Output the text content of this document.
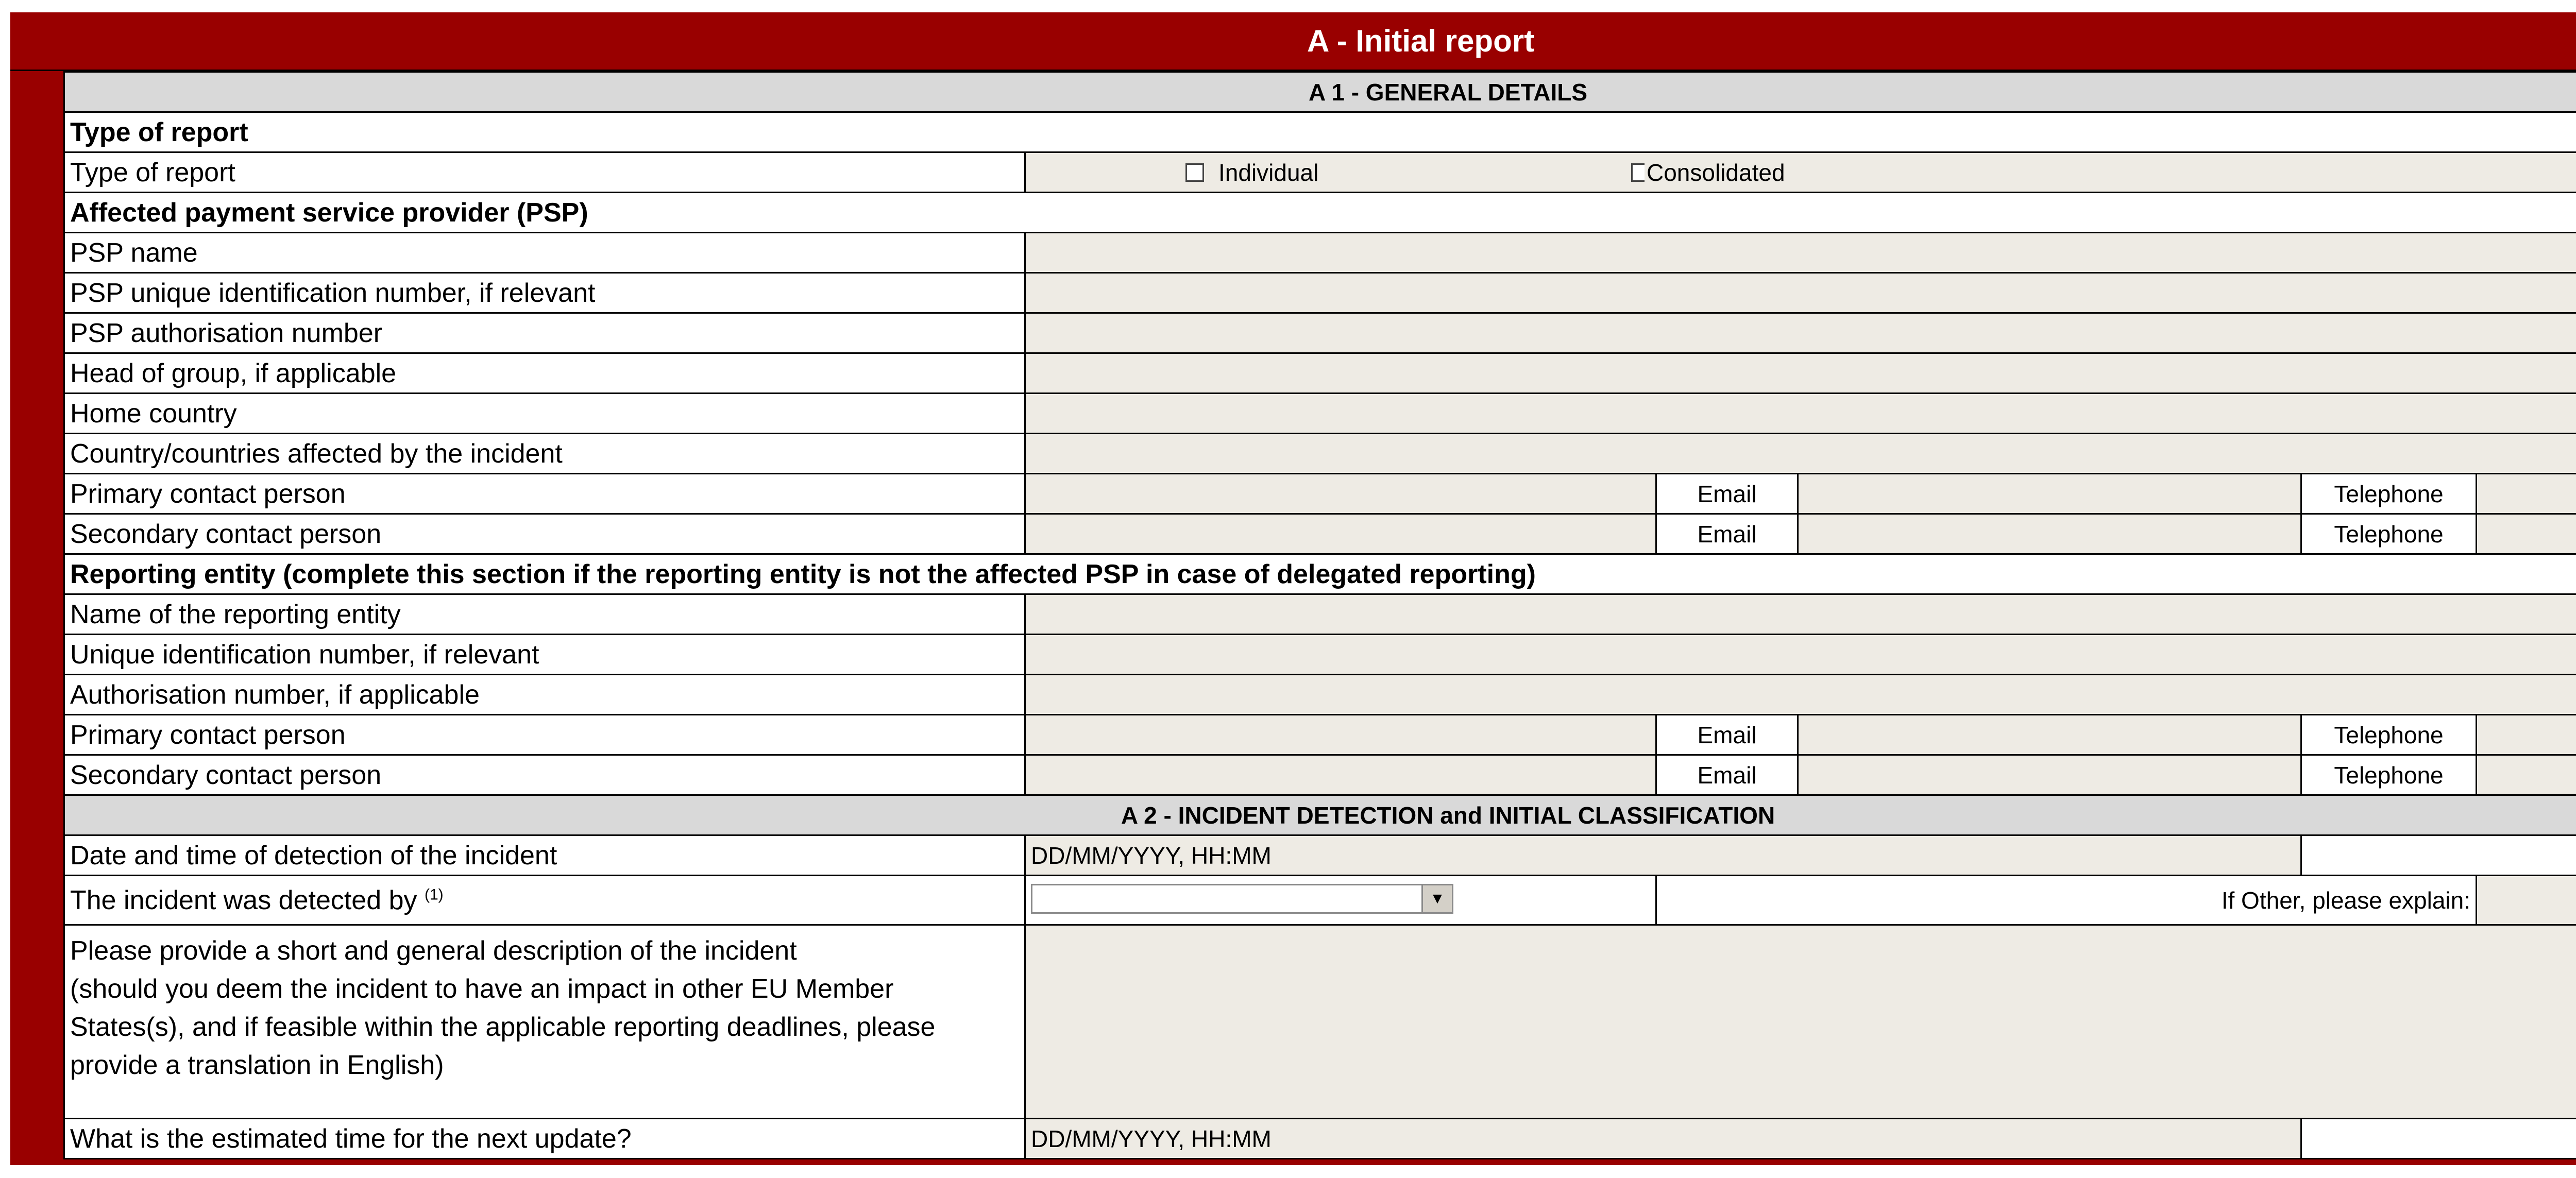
A - Initial report
A 1 - GENERAL DETAILS					
Type of report					
Type of report	Individual Consolidated				

Affected payment service provider (PSP)					
PSP name					
PSP unique identification number, if relevant					
PSP authorisation number					
Head of group, if applicable					
Home country					
Country/countries affected by the incident					
Primary contact person		Email		Telephone	
Secondary contact person		Email		Telephone	
Reporting entity (complete this section if the reporting entity is not the affected PSP in case of delegated reporting)					
Name of the reporting entity					
Unique identification number, if relevant					
Authorisation number, if applicable					
Primary contact person		Email		Telephone	
Secondary contact person		Email		Telephone	
A 2 - INCIDENT DETECTION and INITIAL CLASSIFICATION					
Date and time of detection of the incident	DD/MM/YYYY, HH:MM				
The incident was detected by $^{(1)}$	▼	If Other, please explain:			

Please provide a short and general description of the incident
(should you deem the incident to have an impact in other EU Member
States(s), and if feasible within the applicable reporting deadlines, please
provide a translation in English)					

What is the estimated time for the next update?	DD/MM/YYYY, HH:MM				
